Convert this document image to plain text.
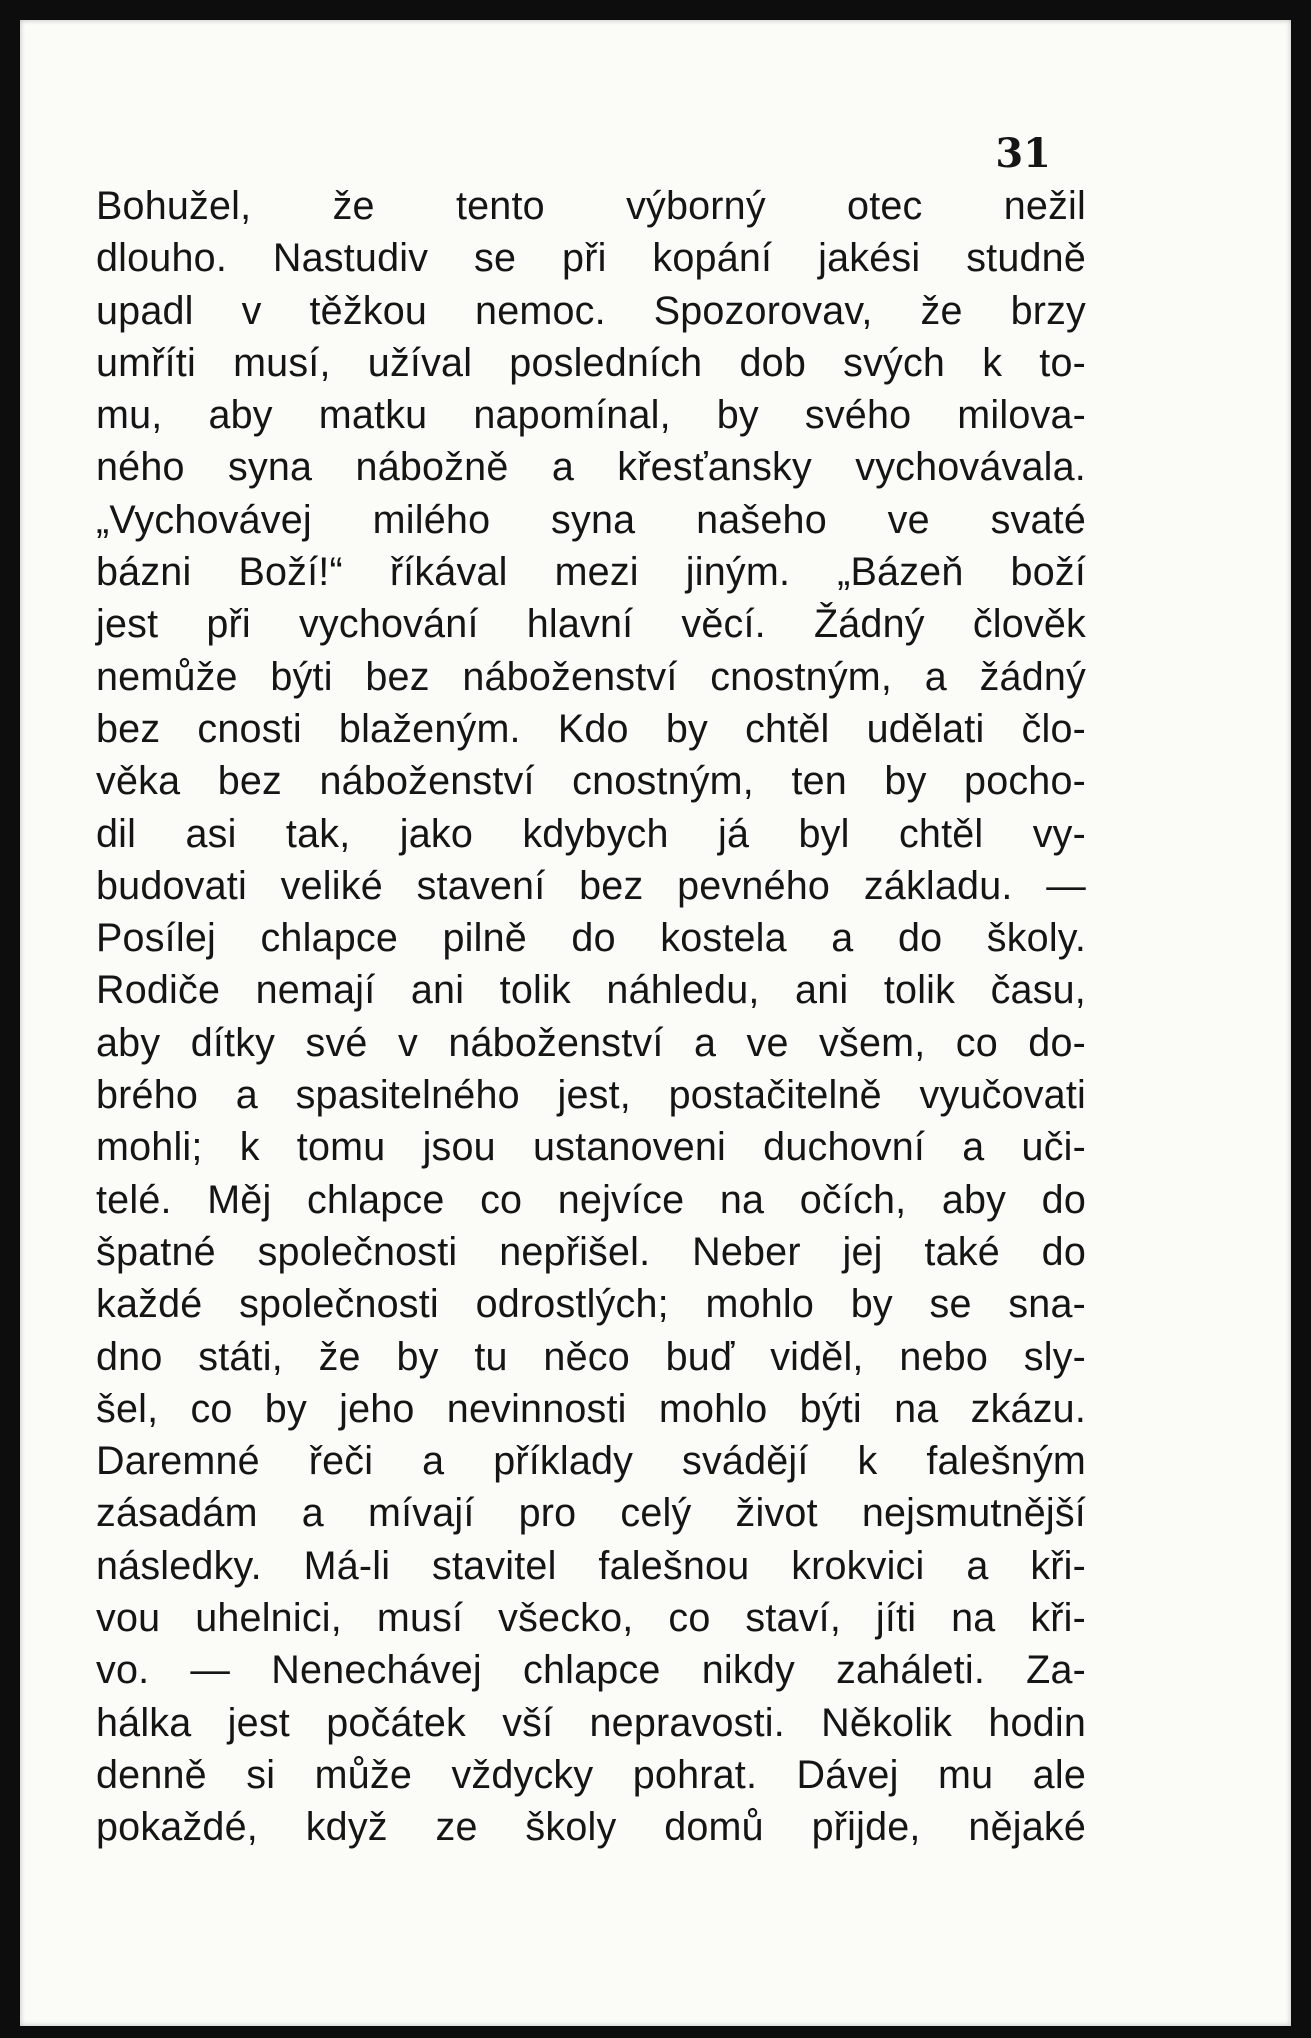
31
Bohužel, že tento výborný otec nežil
dlouho. Nastudiv se při kopání jakési studně
upadl v těžkou nemoc. Spozorovav, že brzy
umříti musí, užíval posledních dob svých k to-
mu, aby matku napomínal, by svého milova-
ného syna nábožně a křesťansky vychovávala.
„Vychovávej milého syna našeho ve svaté
bázni Boží!“ říkával mezi jiným. „Bázeň boží
jest při vychování hlavní věcí. Žádný člověk
nemůže býti bez náboženství cnostným, a žádný
bez cnosti blaženým. Kdo by chtěl udělati člo-
věka bez náboženství cnostným, ten by pocho-
dil asi tak, jako kdybych já byl chtěl vy-
budovati veliké stavení bez pevného základu. —
Posílej chlapce pilně do kostela a do školy.
Rodiče nemají ani tolik náhledu, ani tolik času,
aby dítky své v náboženství a ve všem, co do-
brého a spasitelného jest, postačitelně vyučovati
mohli; k tomu jsou ustanoveni duchovní a uči-
telé. Měj chlapce co nejvíce na očích, aby do
špatné společnosti nepřišel. Neber jej také do
každé společnosti odrostlých; mohlo by se sna-
dno státi, že by tu něco buď viděl, nebo sly-
šel, co by jeho nevinnosti mohlo býti na zkázu.
Daremné řeči a příklady svádějí k falešným
zásadám a mívají pro celý život nejsmutnější
následky. Má-li stavitel falešnou krokvici a kři-
vou uhelnici, musí všecko, co staví, jíti na kři-
vo. — Nenechávej chlapce nikdy zaháleti. Za-
hálka jest počátek vší nepravosti. Několik hodin
denně si může vždycky pohrat. Dávej mu ale
pokaždé, když ze školy domů přijde, nějaké
